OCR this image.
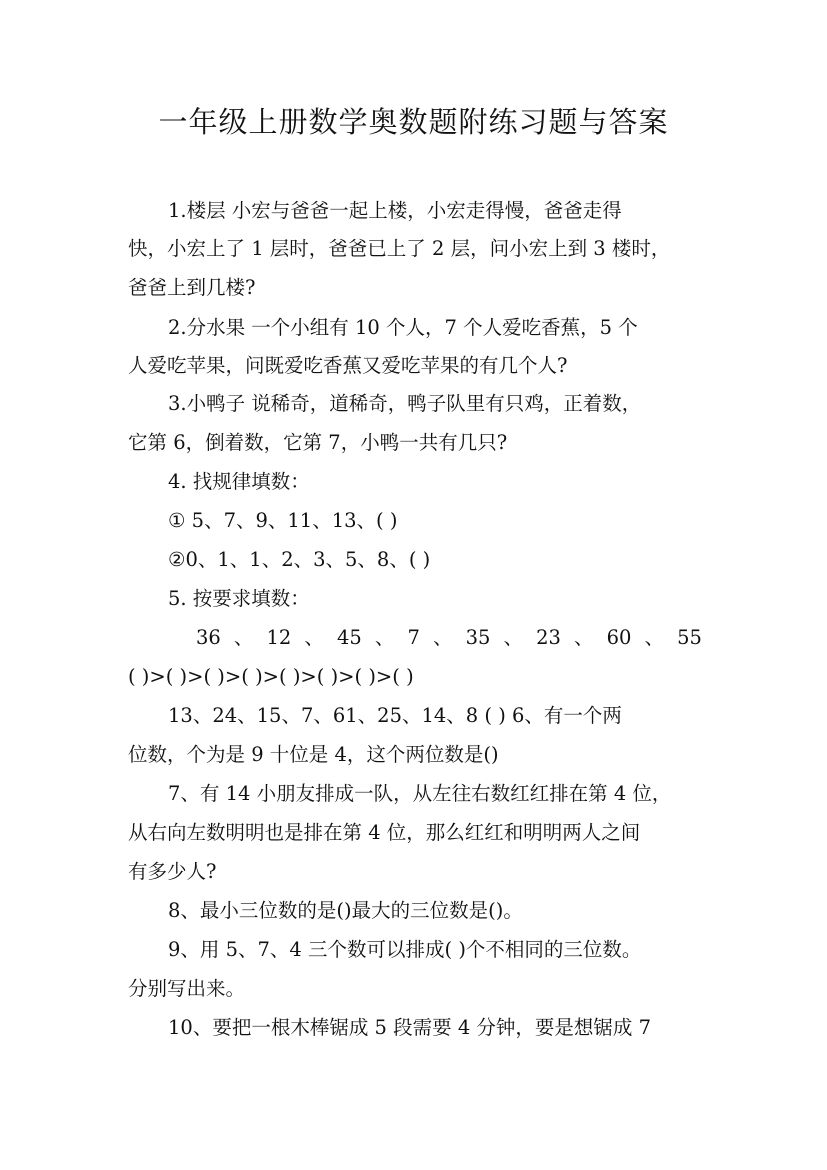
一年级上册数学奥数题附练习题与答案
1.楼层 小宏与爸爸一起上楼，小宏走得慢，爸爸走得
快，小宏上了 1 层时，爸爸已上了 2 层，问小宏上到 3 楼时，
爸爸上到几楼?
2.分水果 一个小组有 10 个人，7 个人爱吃香蕉，5 个
人爱吃苹果，问既爱吃香蕉又爱吃苹果的有几个人?
3.小鸭子 说稀奇，道稀奇，鸭子队里有只鸡，正着数，
它第 6，倒着数，它第 7，小鸭一共有几只?
4. 找规律填数：
① 5、7、9、11、13、( )
②0、1、1、2、3、5、8、( )
5. 按要求填数：
36 、 12 、 45 、 7 、 35 、 23 、 60 、 55
( )>( )>( )>( )>( )>( )>( )>( )
13、24、15、7、61、25、14、8 ( ) 6、有一个两
位数，个为是 9 十位是 4，这个两位数是()
7、有 14 小朋友排成一队，从左往右数红红排在第 4 位，
从右向左数明明也是排在第 4 位，那么红红和明明两人之间
有多少人?
8、最小三位数的是()最大的三位数是()。
9、用 5、7、4 三个数可以排成( )个不相同的三位数。
分别写出来。
10、要把一根木棒锯成 5 段需要 4 分钟，要是想锯成 7
